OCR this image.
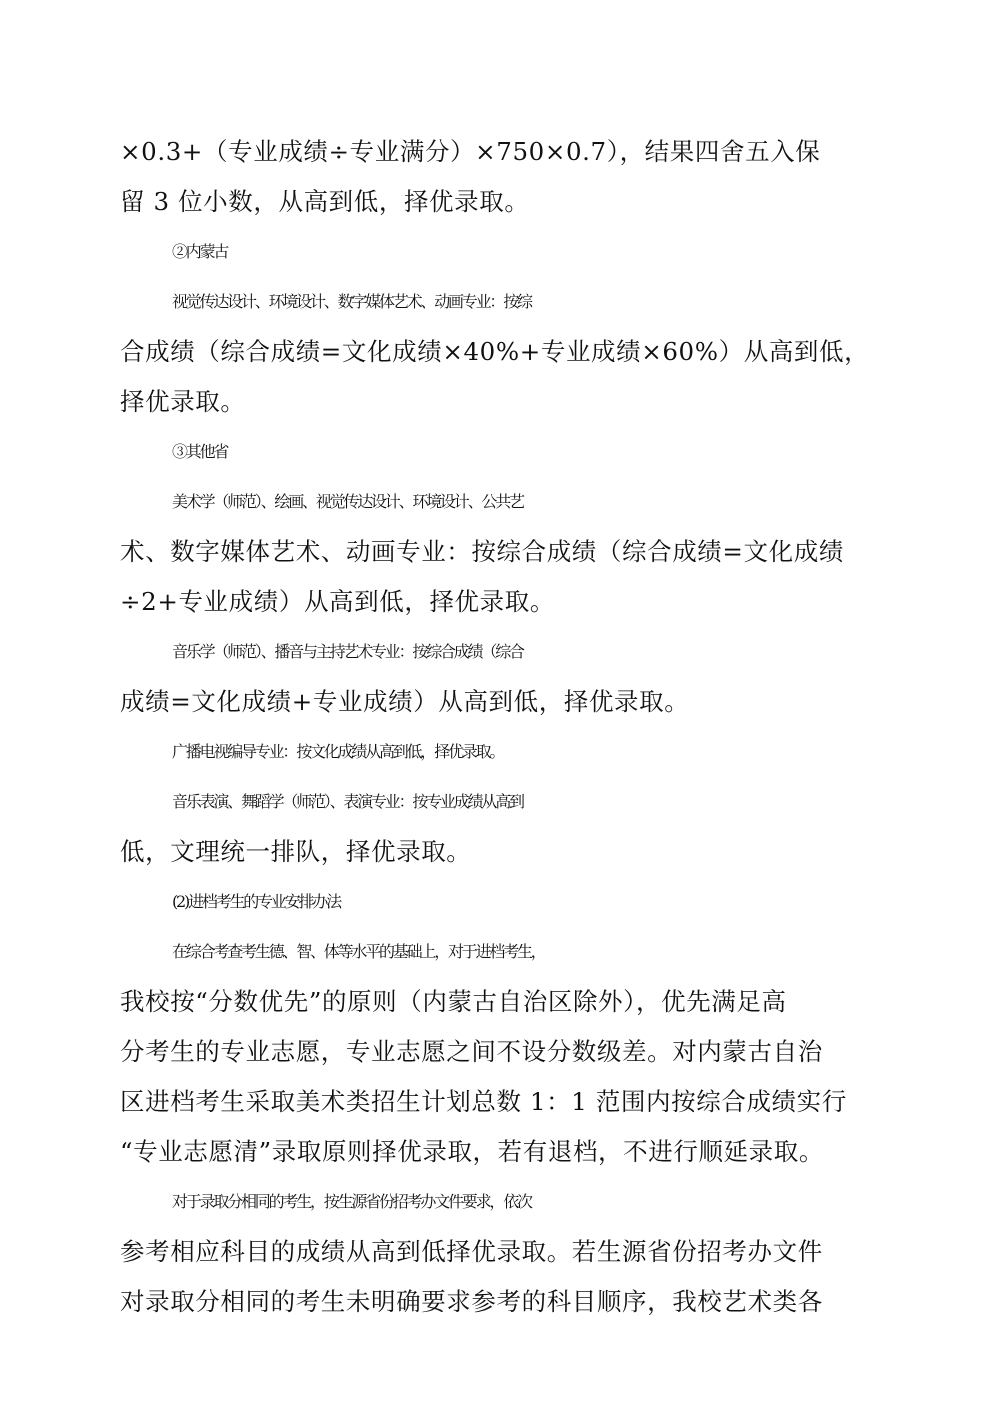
×0.3+（专业成绩÷专业满分）×750×0.7），结果四舍五入保
留 3 位小数，从高到低，择优录取。
②内蒙古
视觉传达设计、环境设计、数字媒体艺术、动画专业：按综
合成绩（综合成绩=文化成绩×40%+专业成绩×60%）从高到低，
择优录取。
③其他省
美术学（师范）、绘画、视觉传达设计、环境设计、公共艺
术、数字媒体艺术、动画专业：按综合成绩（综合成绩=文化成绩
÷2+专业成绩）从高到低，择优录取。
音乐学（师范）、播音与主持艺术专业：按综合成绩（综合
成绩=文化成绩+专业成绩）从高到低，择优录取。
广播电视编导专业：按文化成绩从高到低，择优录取。
音乐表演、舞蹈学（师范）、表演专业：按专业成绩从高到
低，文理统一排队，择优录取。
(2)进档考生的专业安排办法
在综合考查考生德、智、体等水平的基础上，对于进档考生，
我校按“分数优先”的原则（内蒙古自治区除外），优先满足高
分考生的专业志愿，专业志愿之间不设分数级差。对内蒙古自治
区进档考生采取美术类招生计划总数 1：1 范围内按综合成绩实行
“专业志愿清”录取原则择优录取，若有退档，不进行顺延录取。
对于录取分相同的考生，按生源省份招考办文件要求，依次
参考相应科目的成绩从高到低择优录取。若生源省份招考办文件
对录取分相同的考生未明确要求参考的科目顺序，我校艺术类各
